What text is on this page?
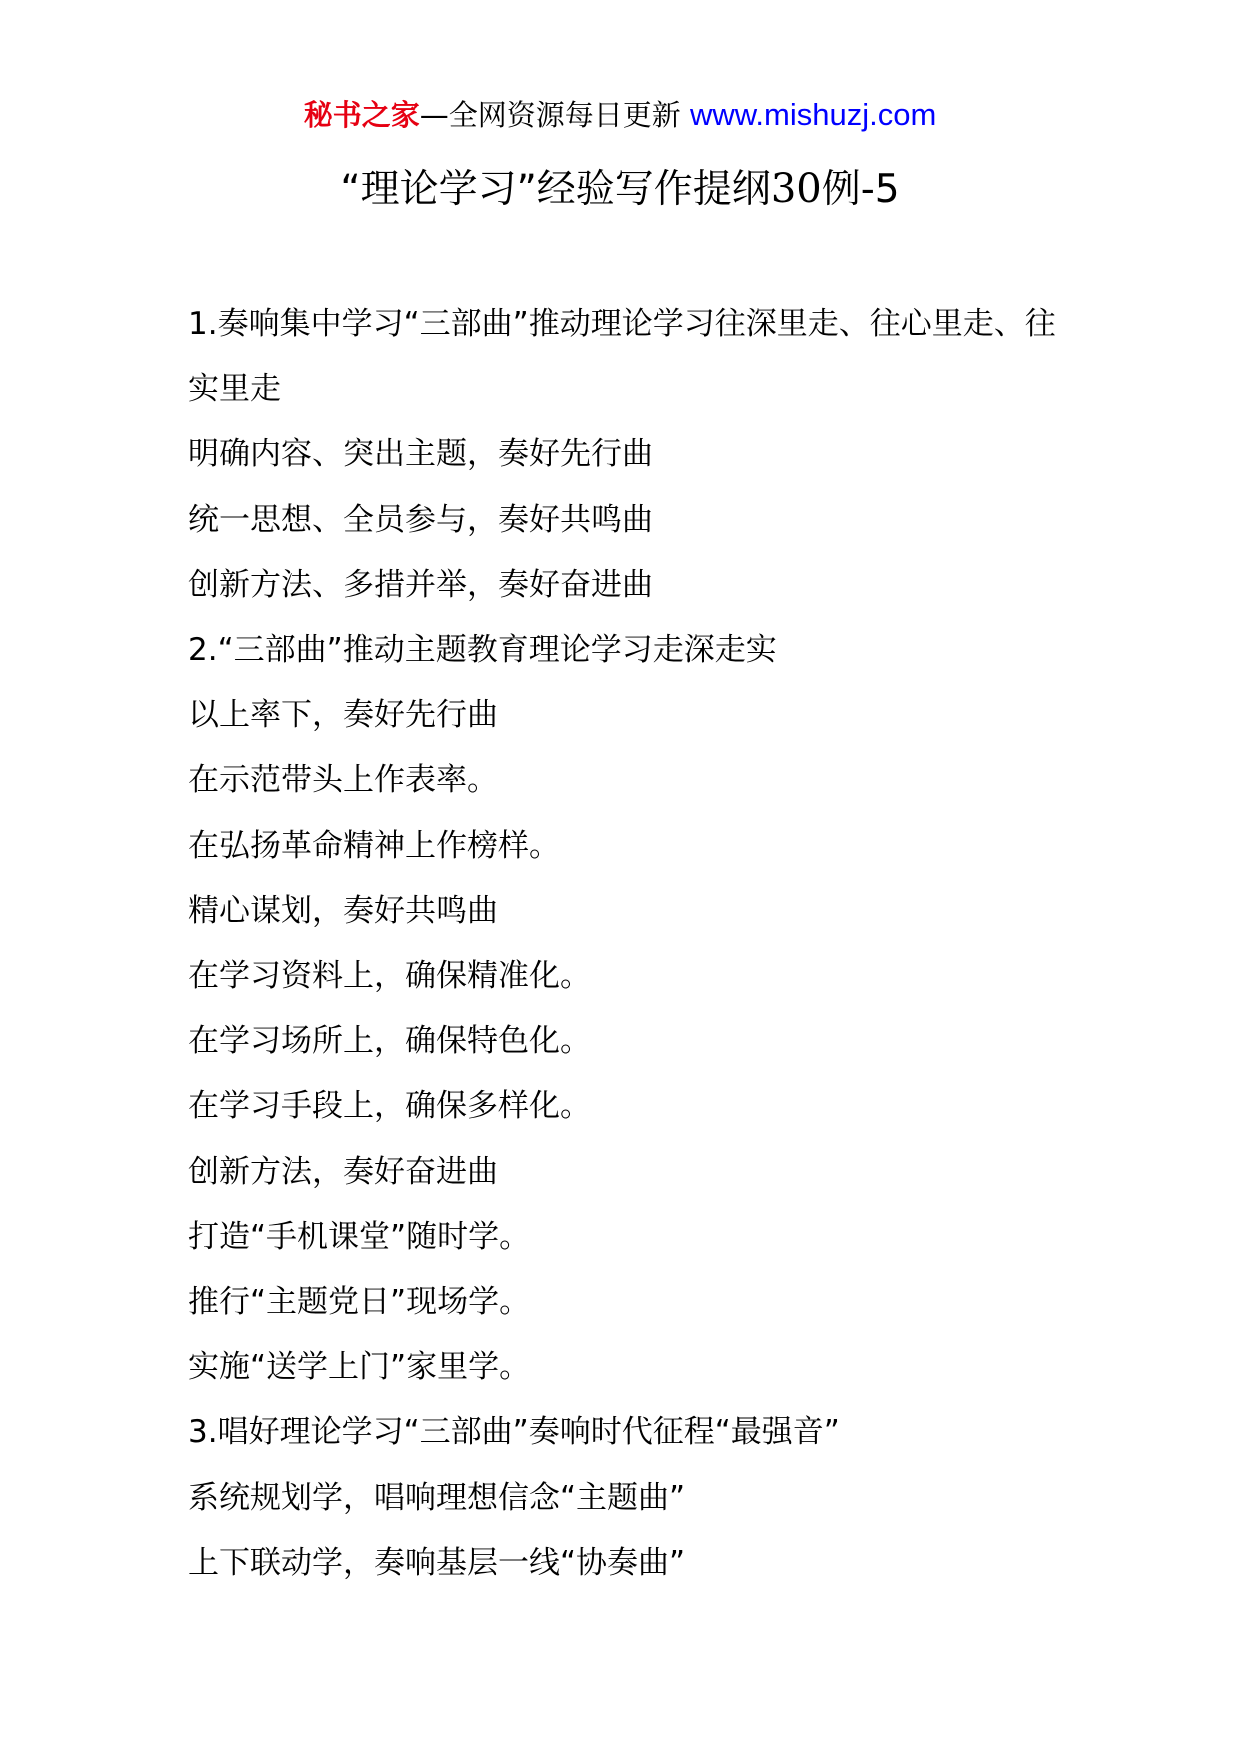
秘书之家—全网资源每日更新 www.mishuzj.com
“理论学习”经验写作提纲30例-5

1.奏响集中学习“三部曲”推动理论学习往深里走、往心里走、往实里走

明确内容、突出主题，奏好先行曲

统一思想、全员参与，奏好共鸣曲

创新方法、多措并举，奏好奋进曲

2.“三部曲”推动主题教育理论学习走深走实

以上率下，奏好先行曲

在示范带头上作表率。

在弘扬革命精神上作榜样。

精心谋划，奏好共鸣曲

在学习资料上，确保精准化。

在学习场所上，确保特色化。

在学习手段上，确保多样化。

创新方法，奏好奋进曲

打造“手机课堂”随时学。

推行“主题党日”现场学。

实施“送学上门”家里学。

3.唱好理论学习“三部曲”奏响时代征程“最强音”

系统规划学，唱响理想信念“主题曲”

上下联动学，奏响基层一线“协奏曲”
